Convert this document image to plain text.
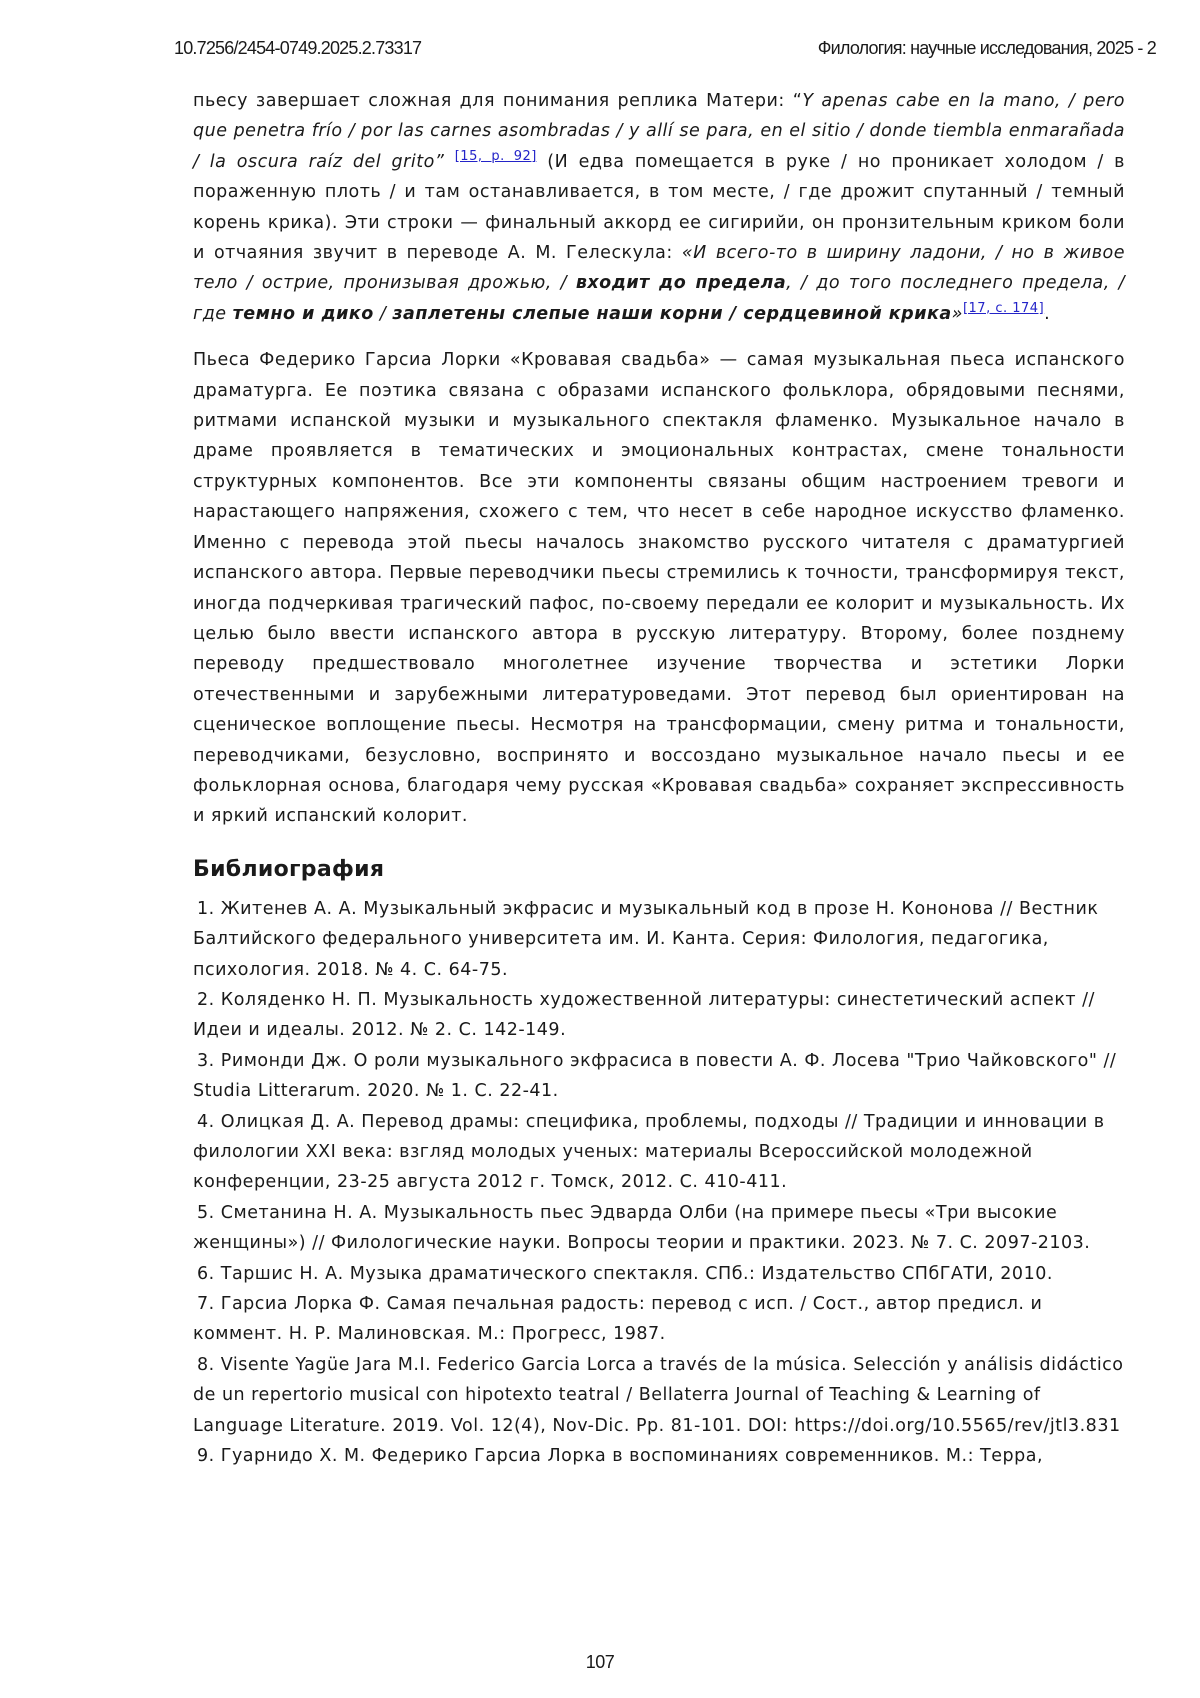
10.7256/2454-0749.2025.2.73317	Филология: научные исследования, 2025 - 2

пьесу завершает сложная для понимания реплика Матери: “Y apenas cabe en la mano, / pero que penetra frío / por las carnes asombradas / y allí se para, en el sitio / donde tiembla enmarañada / la oscura raíz del grito” [15, p. 92] (И едва помещается в руке / но проникает холодом / в пораженную плоть / и там останавливается, в том месте, / где дрожит спутанный / темный корень крика). Эти строки — финальный аккорд ее сигирийи, он пронзительным криком боли и отчаяния звучит в переводе А. М. Гелескула: «И всего-то в ширину ладони, / но в живое тело / острие, пронизывая дрожью, / входит до предела, / до того последнего предела, / где темно и дико / заплетены слепые наши корни / сердцевиной крика»[17, с. 174].

Пьеса Федерико Гарсиа Лорки «Кровавая свадьба» — самая музыкальная пьеса испанского драматурга. Ее поэтика связана с образами испанского фольклора, обрядовыми песнями, ритмами испанской музыки и музыкального спектакля фламенко. Музыкальное начало в драме проявляется в тематических и эмоциональных контрастах, смене тональности структурных компонентов. Все эти компоненты связаны общим настроением тревоги и нарастающего напряжения, схожего с тем, что несет в себе народное искусство фламенко. Именно с перевода этой пьесы началось знакомство русского читателя с драматургией испанского автора. Первые переводчики пьесы стремились к точности, трансформируя текст, иногда подчеркивая трагический пафос, по-своему передали ее колорит и музыкальность. Их целью было ввести испанского автора в русскую литературу. Второму, более позднему переводу предшествовало многолетнее изучение творчества и эстетики Лорки отечественными и зарубежными литературоведами. Этот перевод был ориентирован на сценическое воплощение пьесы. Несмотря на трансформации, смену ритма и тональности, переводчиками, безусловно, воспринято и воссоздано музыкальное начало пьесы и ее фольклорная основа, благодаря чему русская «Кровавая свадьба» сохраняет экспрессивность и яркий испанский колорит.

Библиография

1. Житенев А. А. Музыкальный экфрасис и музыкальный код в прозе Н. Кононова // Вестник Балтийского федерального университета им. И. Канта. Серия: Филология, педагогика, психология. 2018. № 4. С. 64-75.

2. Коляденко Н. П. Музыкальность художественной литературы: синестетический аспект // Идеи и идеалы. 2012. № 2. С. 142-149.

3. Римонди Дж. О роли музыкального экфрасиса в повести А. Ф. Лосева "Трио Чайковского" // Studia Litterarum. 2020. № 1. С. 22-41.

4. Олицкая Д. А. Перевод драмы: специфика, проблемы, подходы // Традиции и инновации в филологии XXI века: взгляд молодых ученых: материалы Всероссийской молодежной конференции, 23-25 августа 2012 г. Томск, 2012. С. 410-411.

5. Сметанина Н. А. Музыкальность пьес Эдварда Олби (на примере пьесы «Три высокие женщины») // Филологические науки. Вопросы теории и практики. 2023. № 7. С. 2097-2103.

6. Таршис Н. А. Музыка драматического спектакля. СПб.: Издательство СПбГАТИ, 2010.

7. Гарсиа Лорка Ф. Самая печальная радость: перевод с исп. / Сост., автор предисл. и коммент. Н. Р. Малиновская. М.: Прогресс, 1987.

8. Visente Yagüe Jara M.I. Federico Garcia Lorca a través de la música. Selección y análisis didáctico de un repertorio musical con hipotexto teatral / Bellaterra Journal of Teaching & Learning of Language Literature. 2019. Vol. 12(4), Nov-Dic. Pp. 81-101. DOI: https://doi.org/10.5565/rev/jtl3.831

9. Гуарнидо Х. М. Федерико Гарсиа Лорка в воспоминаниях современников. М.: Терра,

107
